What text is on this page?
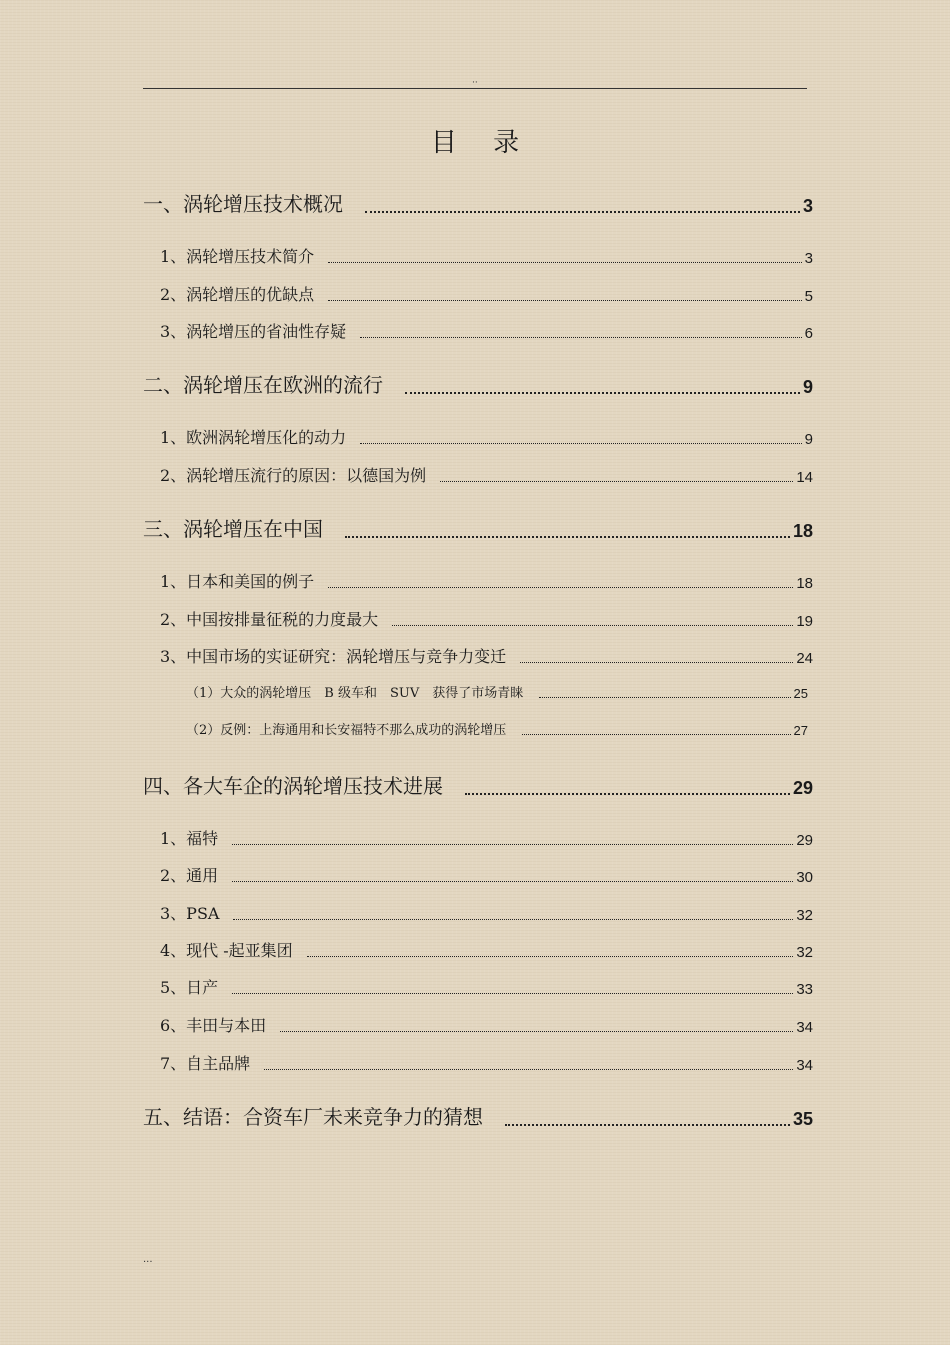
··
目 录
一、涡轮增压技术概况	3
1、涡轮增压技术简介	3
2、涡轮增压的优缺点	5
3、涡轮增压的省油性存疑	6
二、涡轮增压在欧洲的流行	9
1、欧洲涡轮增压化的动力	9
2、涡轮增压流行的原因：以德国为例	14
三、涡轮增压在中国	18
1、日本和美国的例子	18
2、中国按排量征税的力度最大	19
3、中国市场的实证研究：涡轮增压与竞争力变迁	24
（1）大众的涡轮增压　B 级车和　SUV　获得了市场青睐	25
（2）反例：上海通用和长安福特不那么成功的涡轮增压	27
四、各大车企的涡轮增压技术进展	29
1、福特	29
2、通用	30
3、PSA	32
4、现代 -起亚集团	32
5、日产	33
6、丰田与本田	34
7、自主品牌	34
五、结语：合资车厂未来竞争力的猜想	35
...
